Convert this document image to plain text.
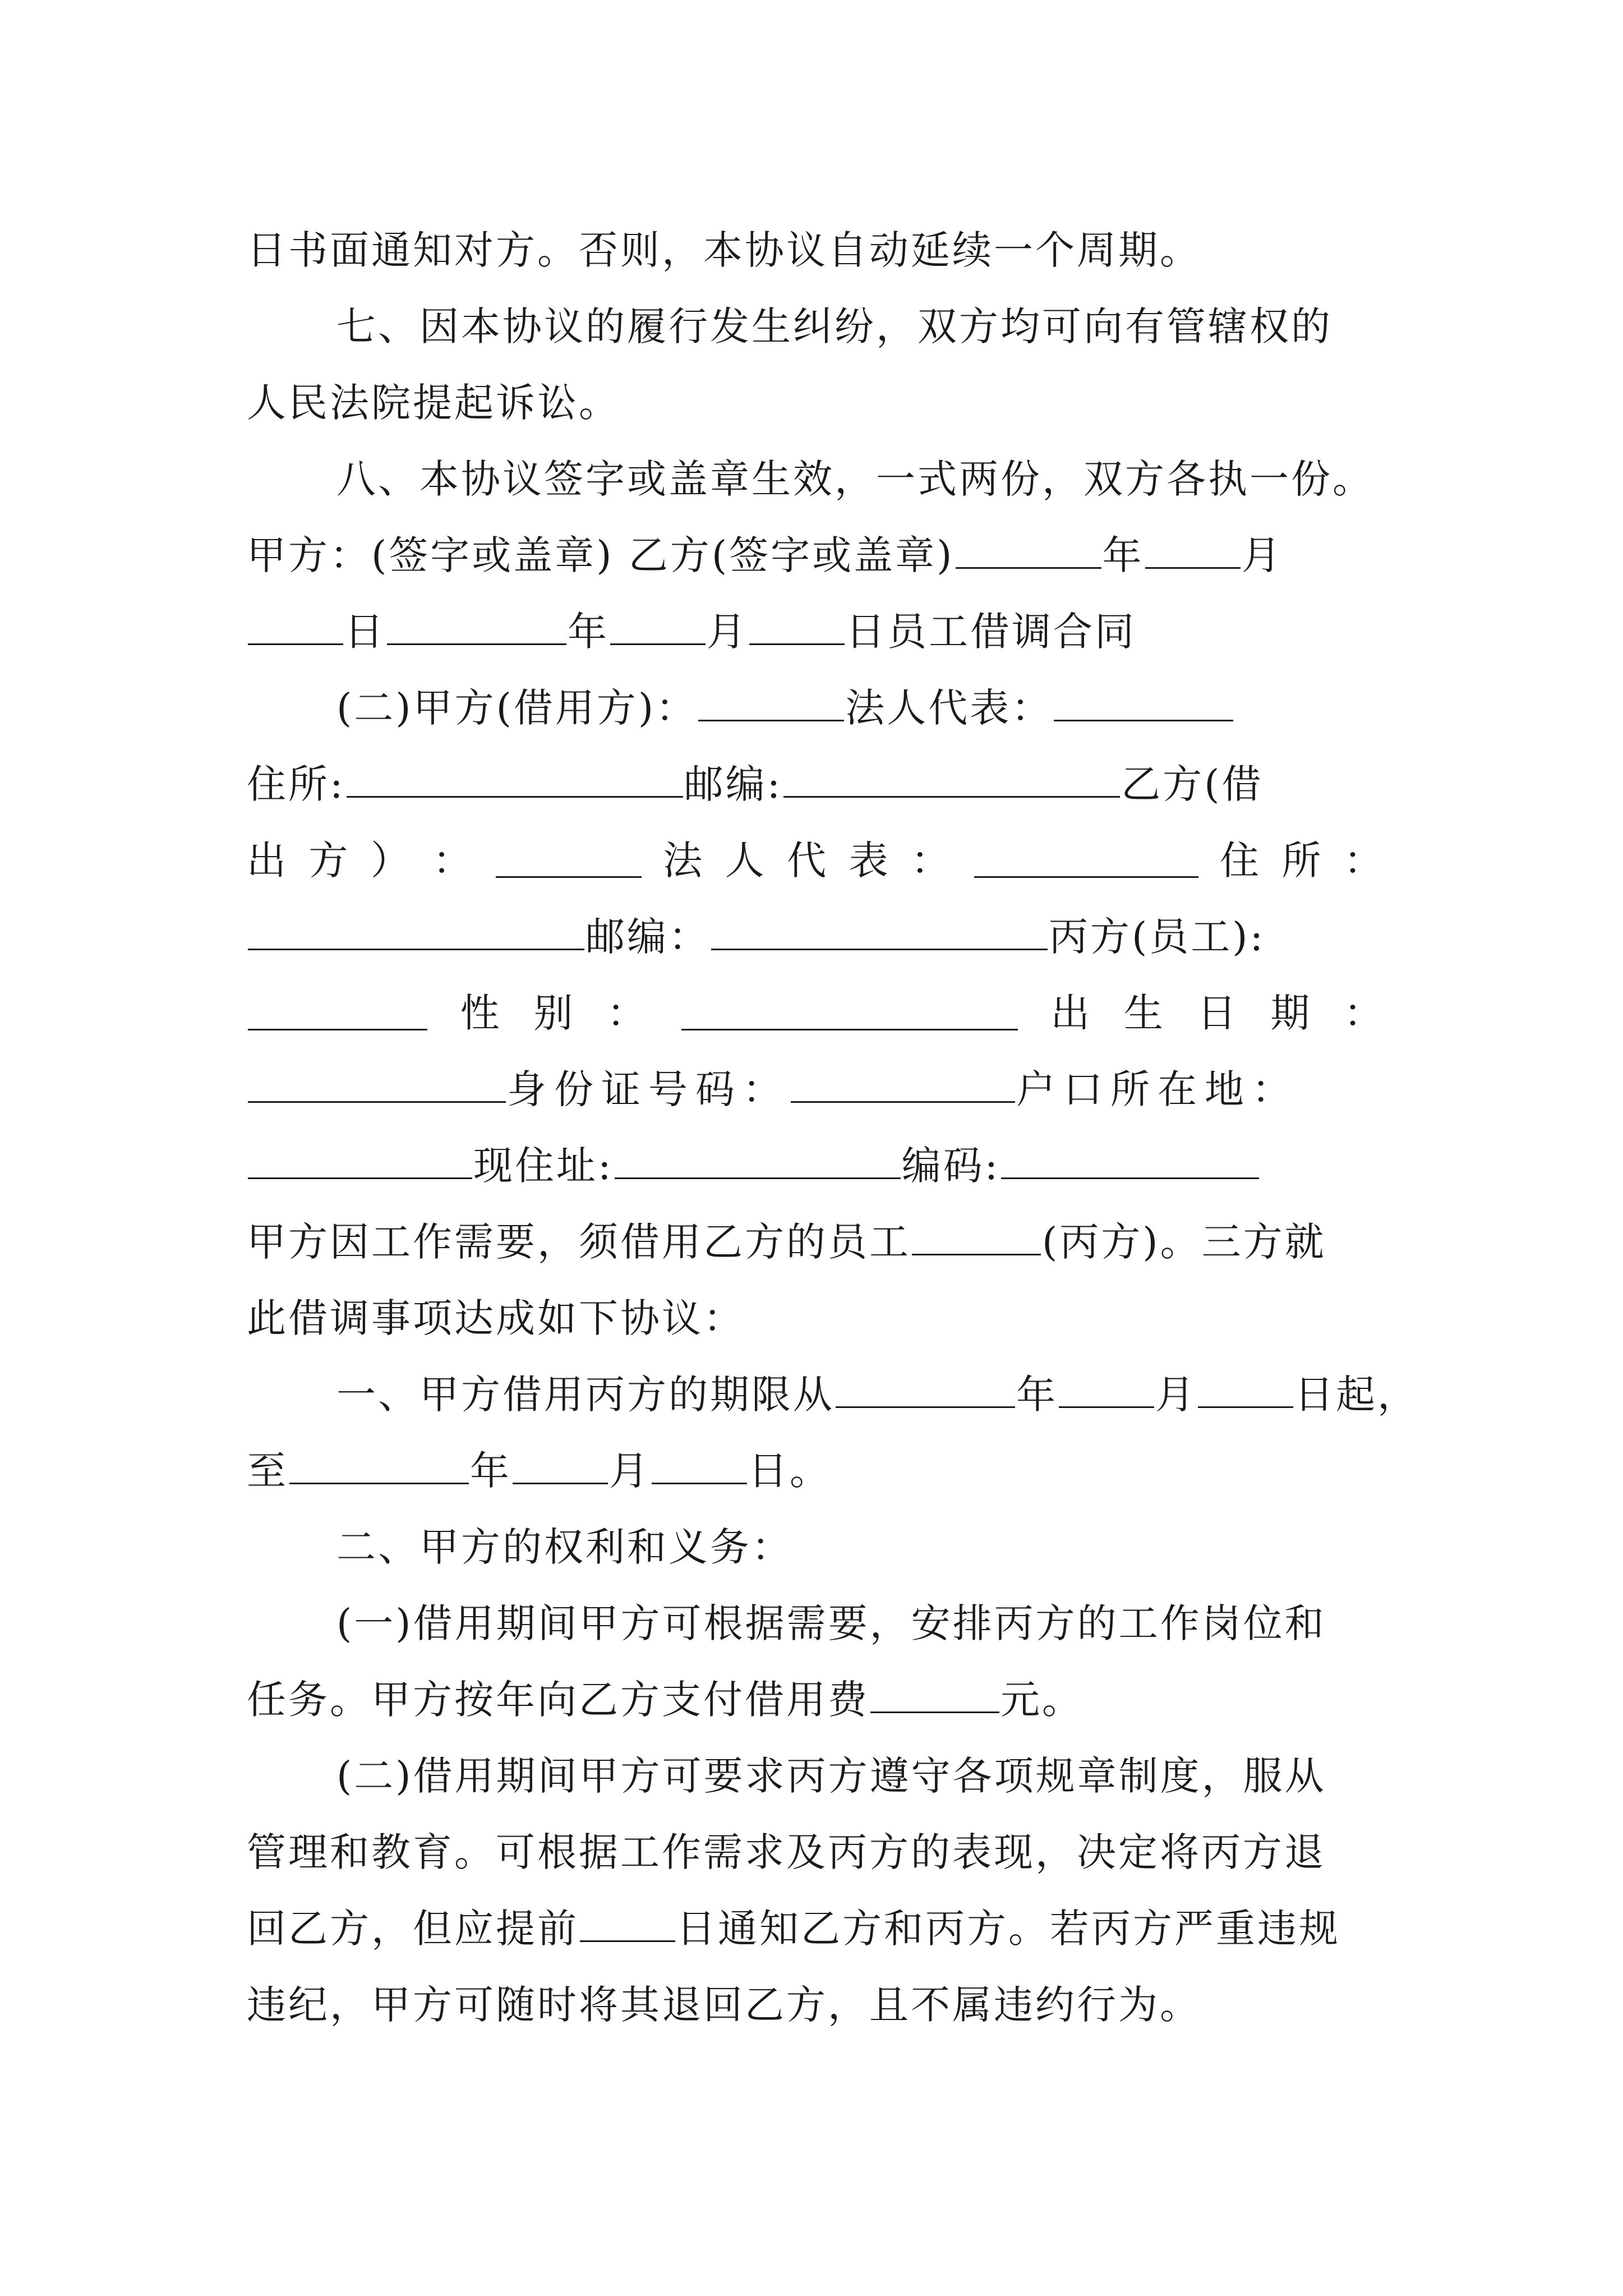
日书面通知对方。否则，本协议自动延续一个周期。
七、因本协议的履行发生纠纷，双方均可向有管辖权的
人民法院提起诉讼。
八、本协议签字或盖章生效，一式两份，双方各执一份。
甲方：(签字或盖章) 乙方(签字或盖章)	年 月
日	年 月 日员工借调合同
(二)甲方(借用方)：	法人代表：
住所:	邮编:	乙方(借
出 方 ） ：	法 人 代 表 ：	住 所 ：
邮编：	丙方(员工):
性 别 ：	出 生 日 期 ：
身份证号码：	户口所在地：
现住址:	编码:
甲方因工作需要，须借用乙方的员工	(丙方)。三方就
此借调事项达成如下协议：
一、甲方借用丙方的期限从	年 月 日起，
至	年 月 日。
二、甲方的权利和义务：
(一)借用期间甲方可根据需要，安排丙方的工作岗位和
任务。甲方按年向乙方支付借用费	元。
(二)借用期间甲方可要求丙方遵守各项规章制度，服从
管理和教育。可根据工作需求及丙方的表现，决定将丙方退
回乙方，但应提前 日通知乙方和丙方。若丙方严重违规
违纪，甲方可随时将其退回乙方，且不属违约行为。
